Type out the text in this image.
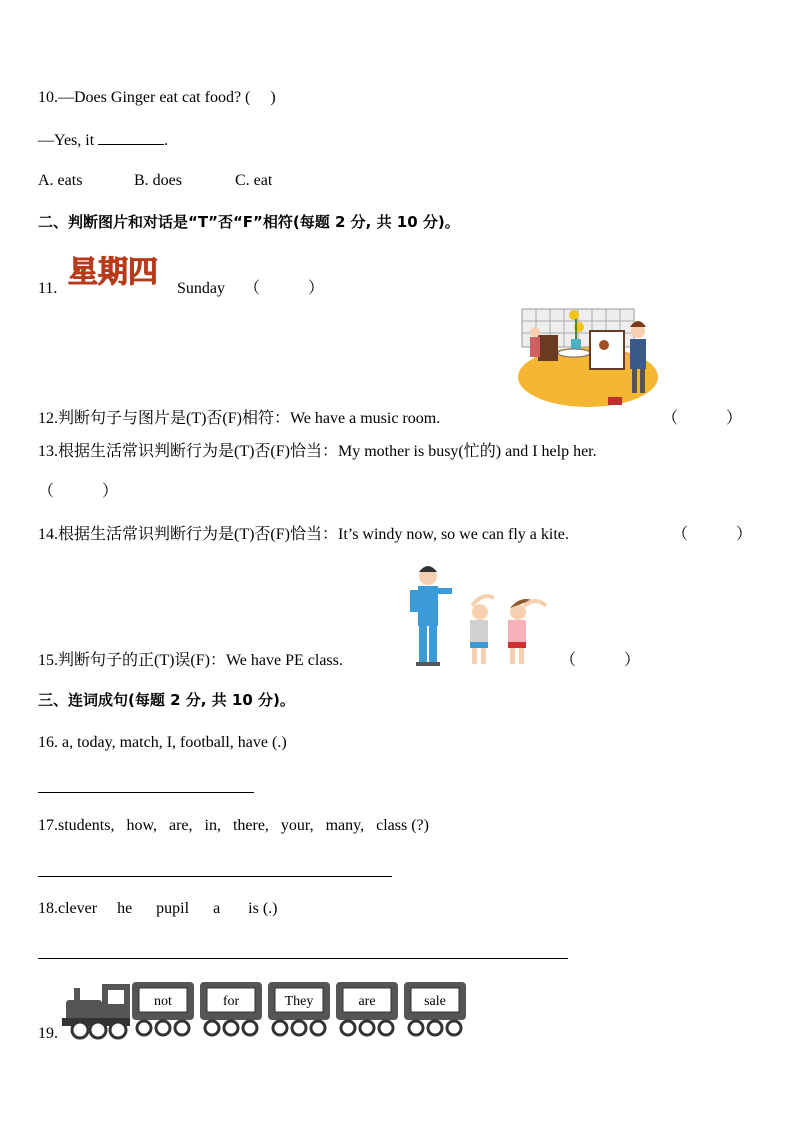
10.—Does Ginger eat cat food? (　 )
—Yes, it	.
A. eats	B. does	C. eat
二、判断图片和对话是“T”否“F”相符(每题 2 分, 共 10 分)。
11. 星期四 Sunday （　　　）
12.判断句子与图片是(T)否(F)相符：We have a music room.	（　　　）
13.根据生活常识判断行为是(T)否(F)恰当：My mother is busy(忙的) and I help her.
（　　　）
14.根据生活常识判断行为是(T)否(F)恰当：It’s windy now, so we can fly a kite.	（　　　）
15.判断句子的正(T)误(F)：We have PE class.	（　　　）
三、连词成句(每题 2 分, 共 10 分)。
16. a, today, match, I, football, have (.)
17.students,   how,   are,   in,   there,   your,   many,   class (?)
18.clever     he      pupil      a       is (.)
19.
not	for	They	are	sale
